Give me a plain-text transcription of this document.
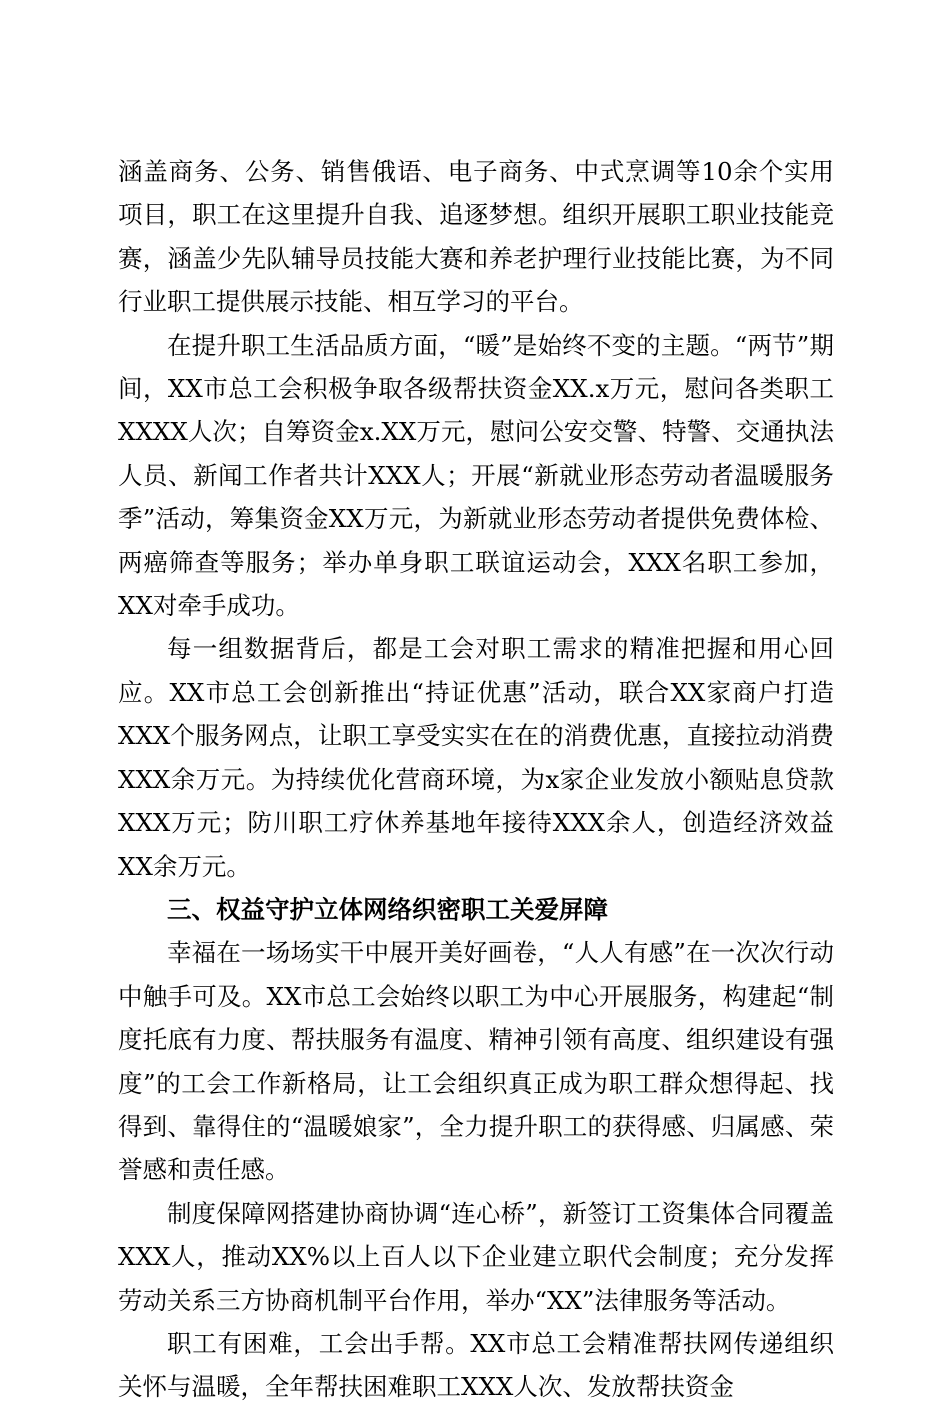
涵盖商务、公务、销售俄语、电子商务、中式烹调等10余个实用项目，职工在这里提升自我、追逐梦想。组织开展职工职业技能竞赛，涵盖少先队辅导员技能大赛和养老护理行业技能比赛，为不同行业职工提供展示技能、相互学习的平台。

在提升职工生活品质方面，“暖”是始终不变的主题。“两节”期间，XX市总工会积极争取各级帮扶资金XX.x万元，慰问各类职工XXXX人次；自筹资金x.XX万元，慰问公安交警、特警、交通执法人员、新闻工作者共计XXX人；开展“新就业形态劳动者温暖服务季”活动，筹集资金XX万元，为新就业形态劳动者提供免费体检、两癌筛查等服务；举办单身职工联谊运动会，XXX名职工参加，XX对牵手成功。

每一组数据背后，都是工会对职工需求的精准把握和用心回应。XX市总工会创新推出“持证优惠”活动，联合XX家商户打造XXX个服务网点，让职工享受实实在在的消费优惠，直接拉动消费XXX余万元。为持续优化营商环境，为x家企业发放小额贴息贷款XXX万元；防川职工疗休养基地年接待XXX余人，创造经济效益XX余万元。

三、权益守护立体网络织密职工关爱屏障

幸福在一场场实干中展开美好画卷，“人人有感”在一次次行动中触手可及。XX市总工会始终以职工为中心开展服务，构建起“制度托底有力度、帮扶服务有温度、精神引领有高度、组织建设有强度”的工会工作新格局，让工会组织真正成为职工群众想得起、找得到、靠得住的“温暖娘家”，全力提升职工的获得感、归属感、荣誉感和责任感。

制度保障网搭建协商协调“连心桥”，新签订工资集体合同覆盖XXX人，推动XX%以上百人以下企业建立职代会制度；充分发挥劳动关系三方协商机制平台作用，举办“XX”法律服务等活动。

职工有困难，工会出手帮。XX市总工会精准帮扶网传递组织关怀与温暖，全年帮扶困难职工XXX人次、发放帮扶资金
